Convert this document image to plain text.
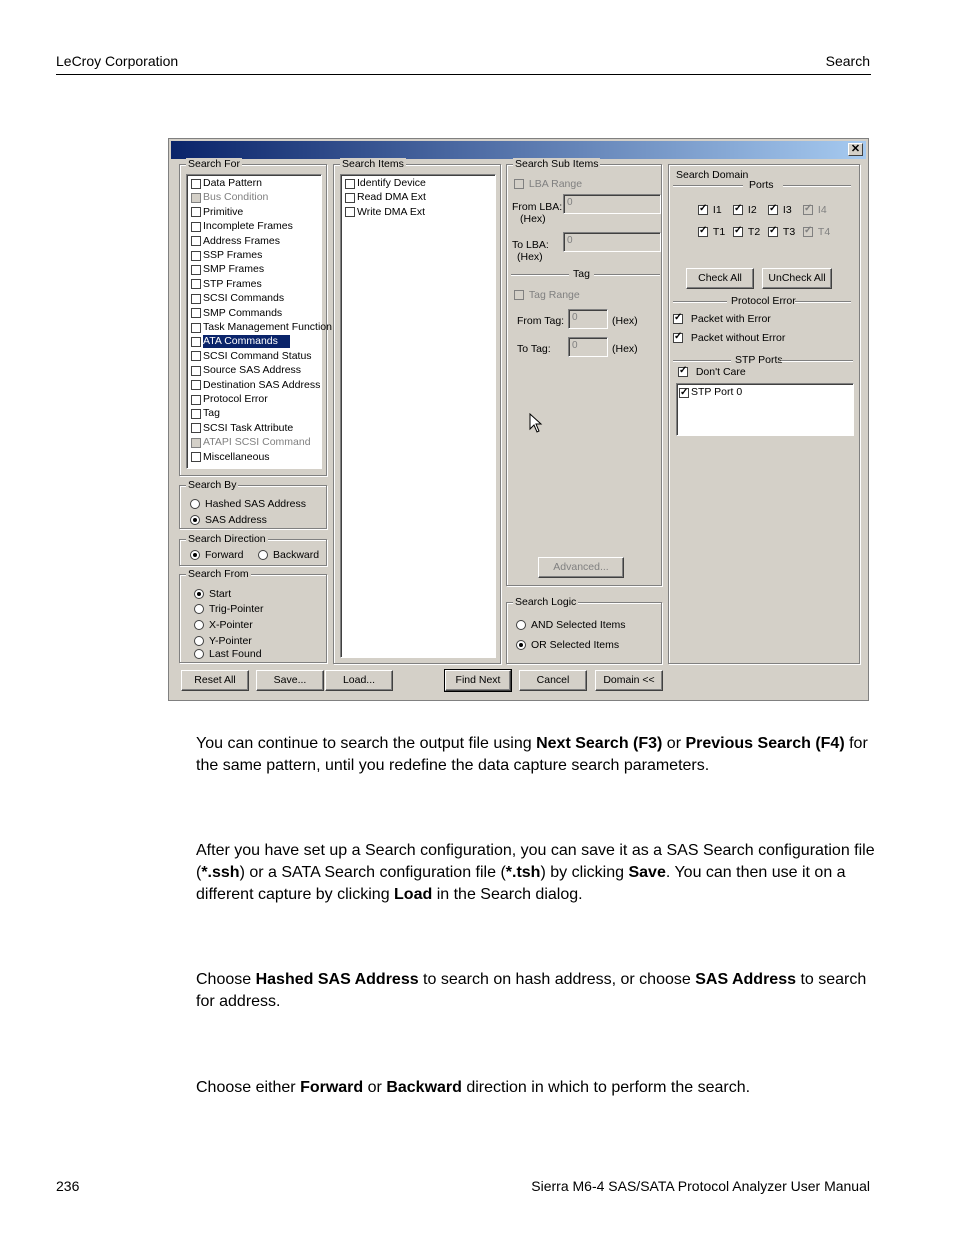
LeCroy Corporation	Search
✕
Search For
Data Pattern
Bus Condition
Primitive
Incomplete Frames
Address Frames
SSP Frames
SMP Frames
STP Frames
SCSI Commands
SMP Commands
Task Management Function
ATA Commands
SCSI Command Status
Source SAS Address
Destination SAS Address
Protocol Error
Tag
SCSI Task Attribute
ATAPI SCSI Command
Miscellaneous
Search By
Hashed SAS Address
SAS Address
Search Direction
Forward	Backward
Search From
Start
Trig-Pointer
X-Pointer
Y-Pointer
Last Found
Search Items
Identify Device
Read DMA Ext
Write DMA Ext
Search Sub Items

LBA Range
From LBA:
(Hex)
0
To LBA:
(Hex)
0
Tag

Tag Range
From Tag: 0	(Hex)
To Tag:	0	(Hex)
Advanced...
Search Logic
AND Selected Items
OR Selected Items
Search Domain
Ports
✓

I1 ✓
I2 ✓
I3 ✓
I4
✓

T1 ✓
T2 ✓
T3 ✓
T4
Check All	UnCheck All
Protocol Error
✓

Packet with Error
✓

Packet without Error
STP Ports
✓

Don't Care
✓
STP Port 0
Reset All	Save...	Load...	Find Next	Cancel	Domain <<
You can continue to search the output file using Next Search (F3) or Previous Search (F4) for the same pattern, until you redefine the data capture search parameters.
After you have set up a Search configuration, you can save it as a SAS Search configuration file (*.ssh) or a SATA Search configuration file (*.tsh) by clicking Save. You can then use it on a different capture by clicking Load in the Search dialog.
Choose Hashed SAS Address to search on hash address, or choose SAS Address to search for address.
Choose either Forward or Backward direction in which to perform the search.
236	Sierra M6-4 SAS/SATA Protocol Analyzer User Manual
